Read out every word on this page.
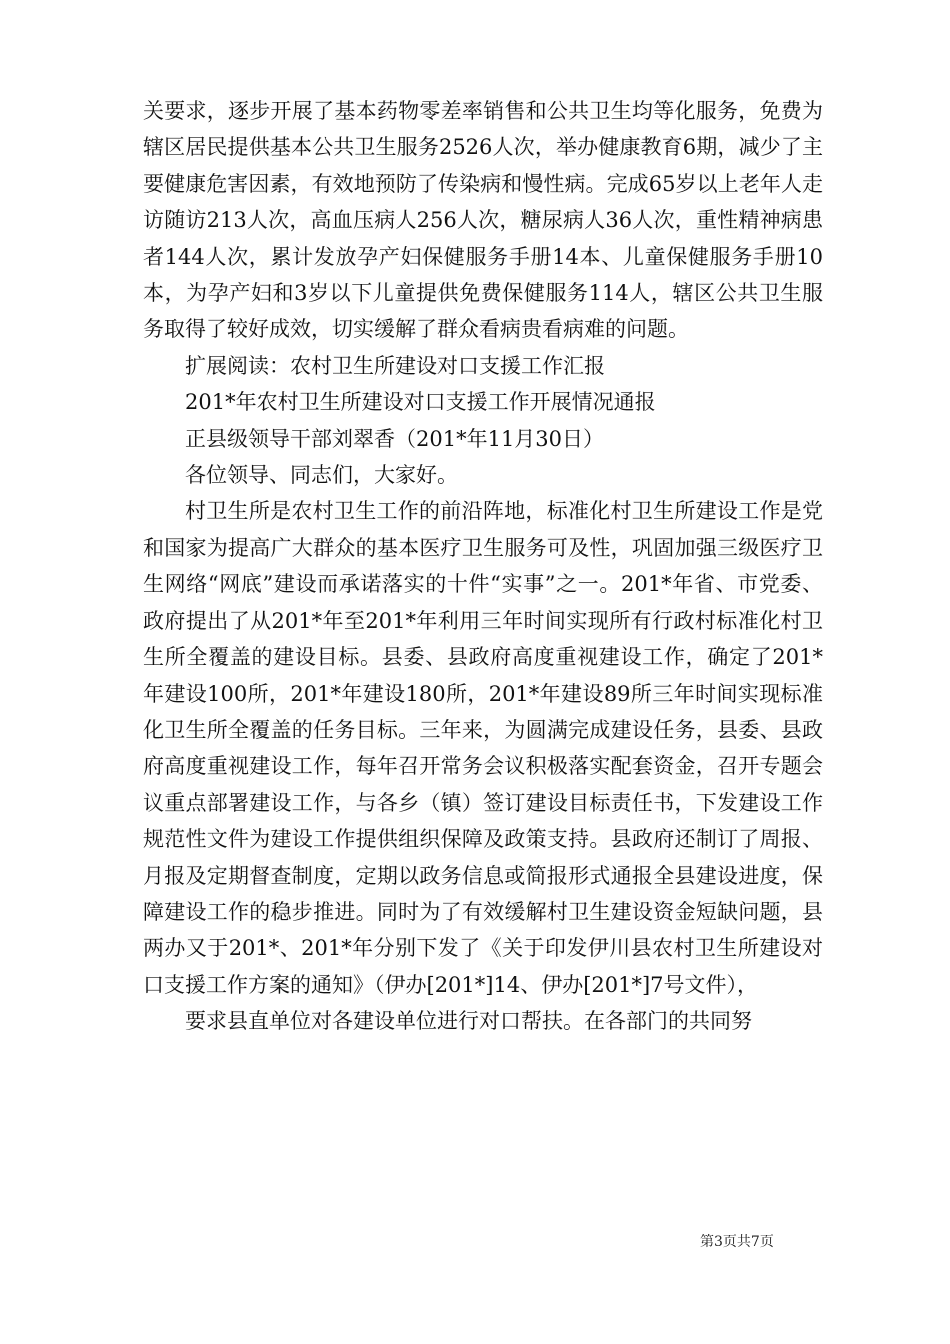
关要求，逐步开展了基本药物零差率销售和公共卫生均等化服务，免费为辖区居民提供基本公共卫生服务2526人次，举办健康教育6期，减少了主要健康危害因素，有效地预防了传染病和慢性病。完成65岁以上老年人走访随访213人次，高血压病人256人次，糖尿病人36人次，重性精神病患者144人次，累计发放孕产妇保健服务手册14本、儿童保健服务手册10本，为孕产妇和3岁以下儿童提供免费保健服务114人，辖区公共卫生服务取得了较好成效，切实缓解了群众看病贵看病难的问题。

扩展阅读：农村卫生所建设对口支援工作汇报

201*年农村卫生所建设对口支援工作开展情况通报

正县级领导干部刘翠香（201*年11月30日）

各位领导、同志们，大家好。

村卫生所是农村卫生工作的前沿阵地，标准化村卫生所建设工作是党和国家为提高广大群众的基本医疗卫生服务可及性，巩固加强三级医疗卫生网络“网底”建设而承诺落实的十件“实事”之一。201*年省、市党委、政府提出了从201*年至201*年利用三年时间实现所有行政村标准化村卫生所全覆盖的建设目标。县委、县政府高度重视建设工作，确定了201*年建设100所，201*年建设180所，201*年建设89所三年时间实现标准化卫生所全覆盖的任务目标。三年来，为圆满完成建设任务，县委、县政府高度重视建设工作，每年召开常务会议积极落实配套资金，召开专题会议重点部署建设工作，与各乡（镇）签订建设目标责任书，下发建设工作规范性文件为建设工作提供组织保障及政策支持。县政府还制订了周报、月报及定期督查制度，定期以政务信息或简报形式通报全县建设进度，保障建设工作的稳步推进。同时为了有效缓解村卫生建设资金短缺问题，县两办又于201*、201*年分别下发了《关于印发伊川县农村卫生所建设对口支援工作方案的通知》（伊办[201*]14、伊办[201*]7号文件），

要求县直单位对各建设单位进行对口帮扶。在各部门的共同努

第3页共7页
